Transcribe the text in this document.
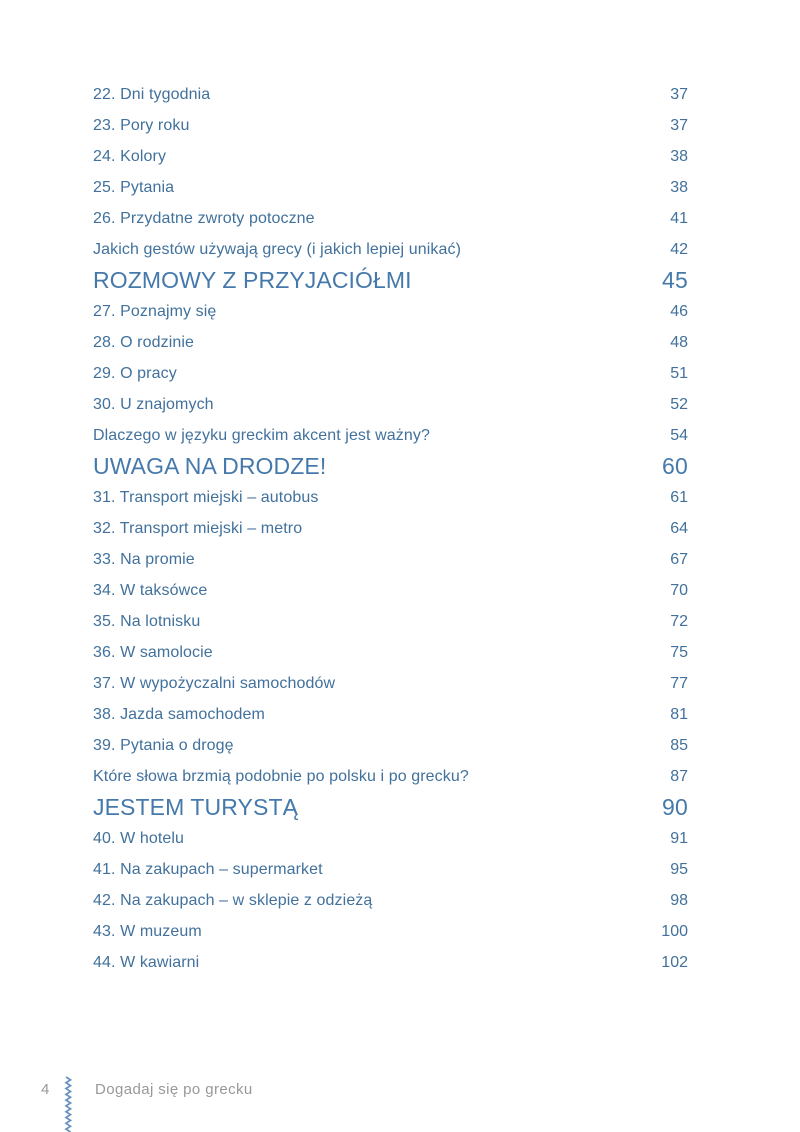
22. Dni tygodnia	37
23. Pory roku	37
24. Kolory	38
25. Pytania	38
26. Przydatne zwroty potoczne	41
Jakich gestów używają grecy (i jakich lepiej unikać)	42
ROZMOWY Z PRZYJACIÓŁMI	45
27. Poznajmy się	46
28. O rodzinie	48
29. O pracy	51
30. U znajomych	52
Dlaczego w języku greckim akcent jest ważny?	54
UWAGA NA DRODZE!	60
31. Transport miejski – autobus	61
32. Transport miejski – metro	64
33. Na promie	67
34. W taksówce	70
35. Na lotnisku	72
36. W samolocie	75
37. W wypożyczalni samochodów	77
38. Jazda samochodem	81
39. Pytania o drogę	85
Które słowa brzmią podobnie po polsku i po grecku?	87
JESTEM TURYSTĄ	90
40. W hotelu	91
41. Na zakupach – supermarket	95
42. Na zakupach – w sklepie z odzieżą	98
43. W muzeum	100
44. W kawiarni	102
4	Dogadaj się po grecku
